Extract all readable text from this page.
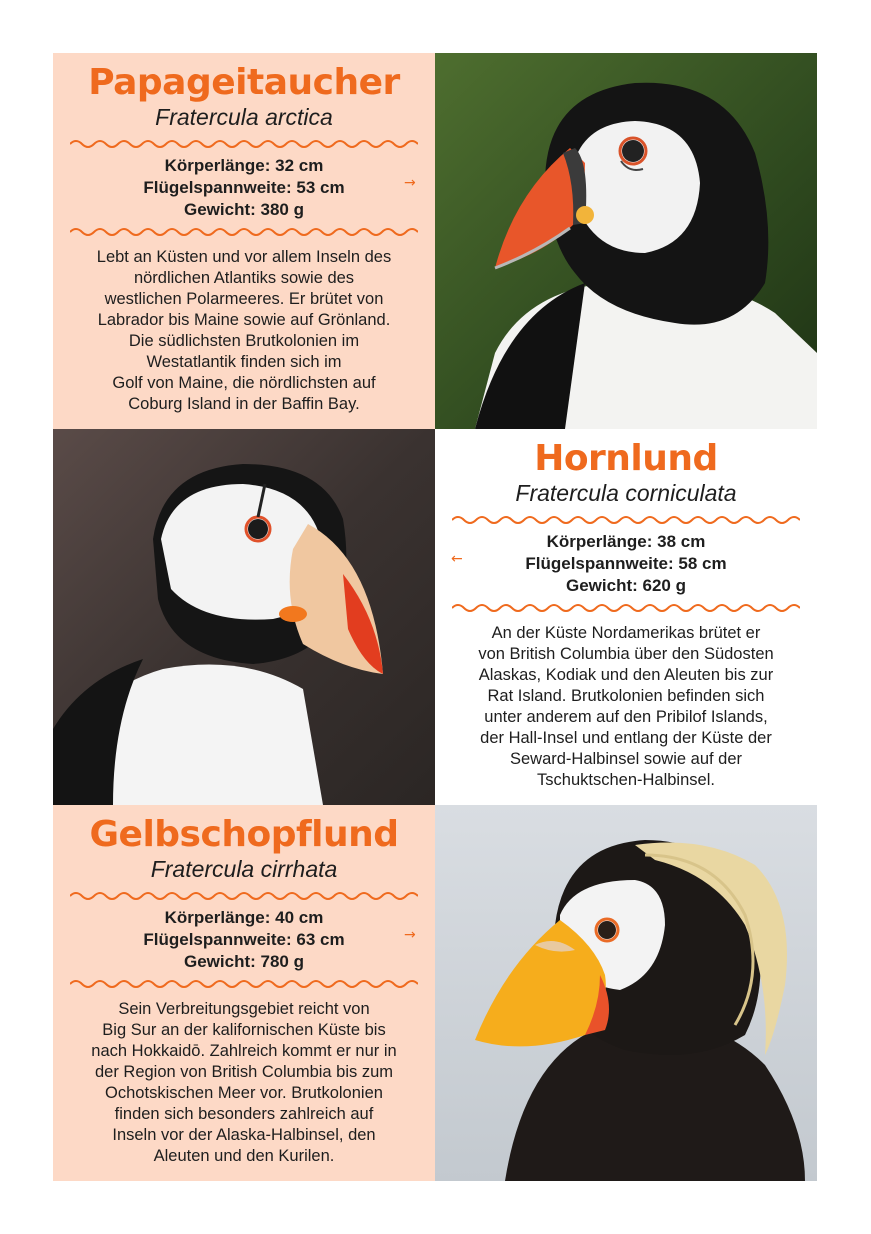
Papageitaucher

Fratercula arctica

Körperlänge: 32 cm

Flügelspannweite: 53 cm

Gewicht: 380 g

Lebt an Küsten und vor allem Inseln des

nördlichen Atlantiks sowie des

westlichen Polarmeeres. Er brütet von

Labrador bis Maine sowie auf Grönland.

Die südlichsten Brutkolonien im

Westatlantik finden sich im

Golf von Maine, die nördlichsten auf

Coburg Island in der Baffin Bay.

→
Hornlund

Fratercula corniculata

Körperlänge: 38 cm

Flügelspannweite: 58 cm

Gewicht: 620 g

An der Küste Nordamerikas brütet er

von British Columbia über den Südosten

Alaskas, Kodiak und den Aleuten bis zur

Rat Island. Brutkolonien befinden sich

unter anderem auf den Pribilof Islands,

der Hall-Insel und entlang der Küste der

Seward-Halbinsel sowie auf der

Tschuktschen-Halbinsel.

←
Gelbschopflund

Fratercula cirrhata

Körperlänge: 40 cm

Flügelspannweite: 63 cm

Gewicht: 780 g

Sein Verbreitungsgebiet reicht von

Big Sur an der kalifornischen Küste bis

nach Hokkaidō. Zahlreich kommt er nur in

der Region von British Columbia bis zum

Ochotskischen Meer vor. Brutkolonien

finden sich besonders zahlreich auf

Inseln vor der Alaska-Halbinsel, den

Aleuten und den Kurilen.

→
